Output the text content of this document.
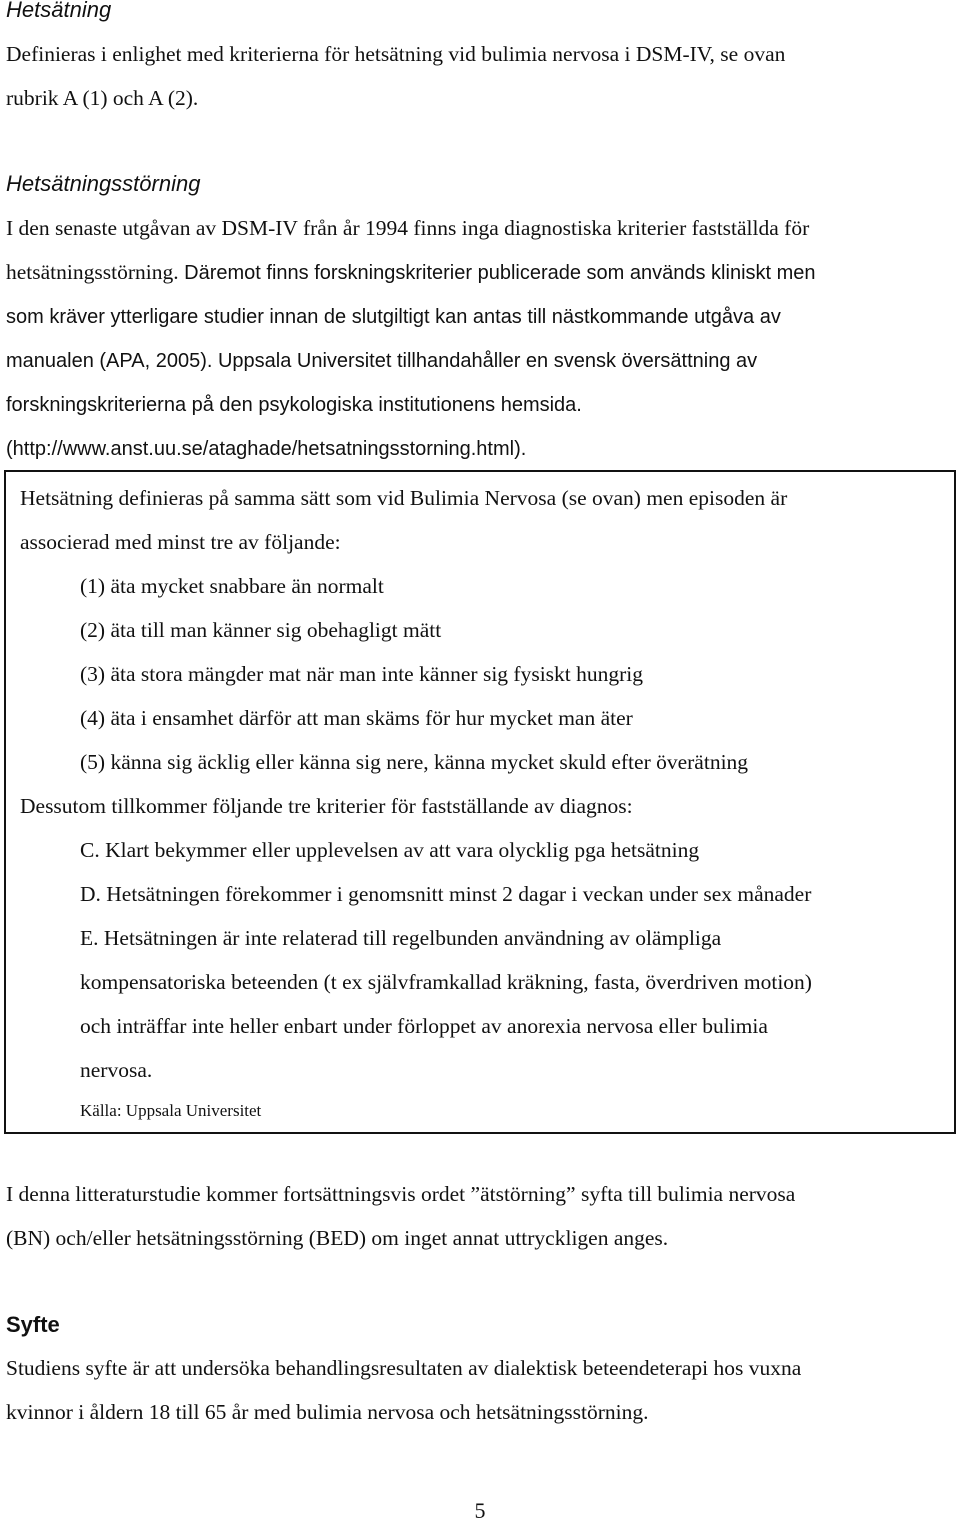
Hetsätning
Definieras i enlighet med kriterierna för hetsätning vid bulimia nervosa i DSM-IV, se ovan
rubrik A (1) och A (2).
Hetsätningsstörning
I den senaste utgåvan av DSM-IV från år 1994 finns inga diagnostiska kriterier fastställda för
hetsätningsstörning. Däremot finns forskningskriterier publicerade som används kliniskt men
som kräver ytterligare studier innan de slutgiltigt kan antas till nästkommande utgåva av
manualen (APA, 2005). Uppsala Universitet tillhandahåller en svensk översättning av
forskningskriterierna på den psykologiska institutionens hemsida.
(http://www.anst.uu.se/ataghade/hetsatningsstorning.html).
Hetsätning definieras på samma sätt som vid Bulimia Nervosa (se ovan) men episoden är
associerad med minst tre av följande:
(1) äta mycket snabbare än normalt
(2) äta till man känner sig obehagligt mätt
(3) äta stora mängder mat när man inte känner sig fysiskt hungrig
(4) äta i ensamhet därför att man skäms för hur mycket man äter
(5) känna sig äcklig eller känna sig nere, känna mycket skuld efter överätning
Dessutom tillkommer följande tre kriterier för fastställande av diagnos:
C. Klart bekymmer eller upplevelsen av att vara olycklig pga hetsätning
D. Hetsätningen förekommer i genomsnitt minst 2 dagar i veckan under sex månader
E. Hetsätningen är inte relaterad till regelbunden användning av olämpliga
kompensatoriska beteenden (t ex självframkallad kräkning, fasta, överdriven motion)
och inträffar inte heller enbart under förloppet av anorexia nervosa eller bulimia
nervosa.
Källa: Uppsala Universitet
I denna litteraturstudie kommer fortsättningsvis ordet ”ätstörning” syfta till bulimia nervosa
(BN) och/eller hetsätningsstörning (BED) om inget annat uttryckligen anges.
Syfte
Studiens syfte är att undersöka behandlingsresultaten av dialektisk beteendeterapi hos vuxna
kvinnor i åldern 18 till 65 år med bulimia nervosa och hetsätningsstörning.
5
